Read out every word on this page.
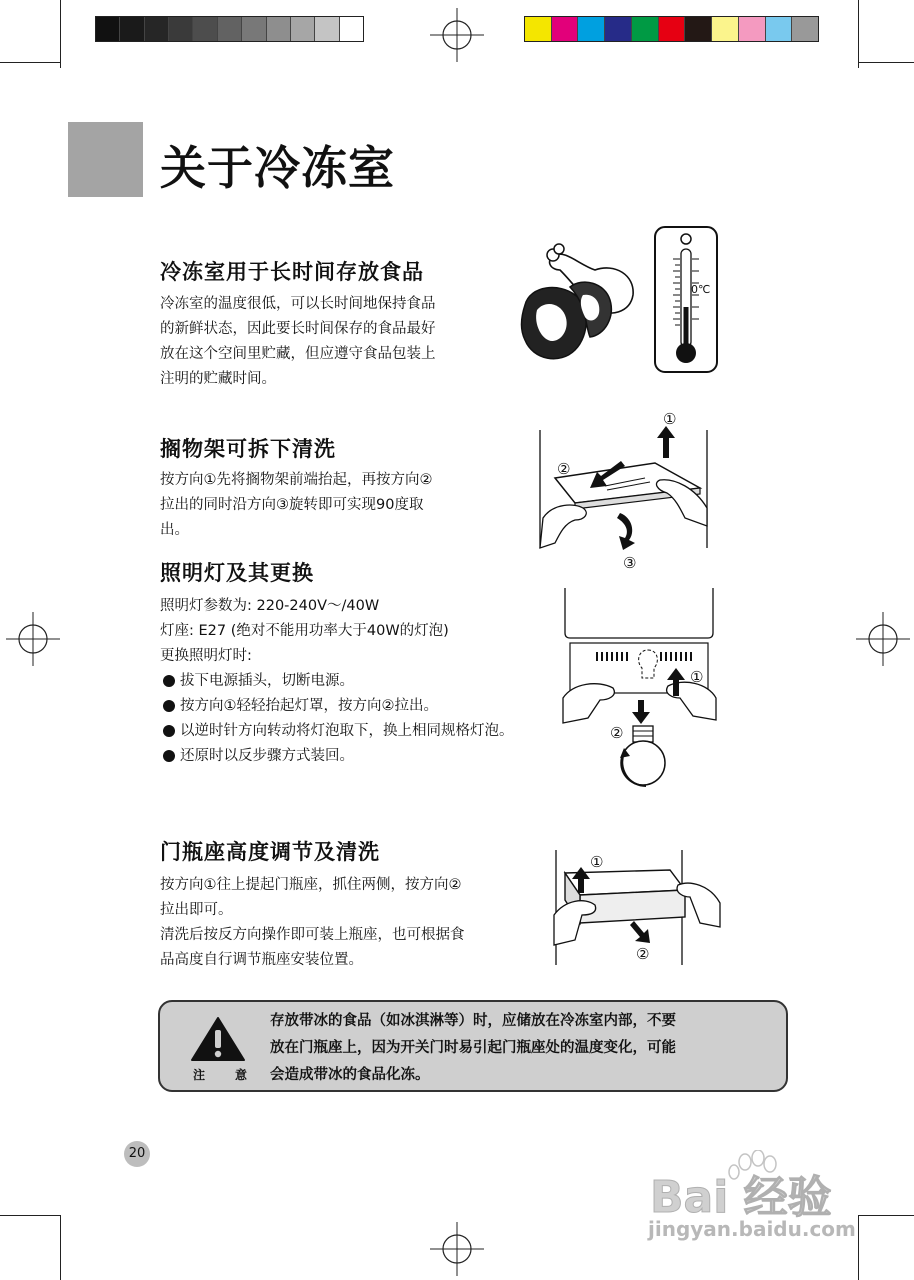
关于冷冻室
冷冻室用于长时间存放食品
冷冻室的温度很低，可以长时间地保持食品
的新鲜状态，因此要长时间保存的食品最好
放在这个空间里贮藏，但应遵守食品包装上
注明的贮藏时间。
0℃
搁物架可拆下清洗
按方向①先将搁物架前端抬起，再按方向②
拉出的同时沿方向③旋转即可实现90度取
出。
①
②
③
照明灯及其更换
照明灯参数为: 220-240V～/40W
灯座: E27 (绝对不能用功率大于40W的灯泡)
更换照明灯时:
拔下电源插头，切断电源。
按方向①轻轻抬起灯罩，按方向②拉出。
以逆时针方向转动将灯泡取下，换上相同规格灯泡。
还原时以反步骤方式装回。
①
②
门瓶座高度调节及清洗
按方向①往上提起门瓶座，抓住两侧，按方向②
拉出即可。
清洗后按反方向操作即可装上瓶座，也可根据食
品高度自行调节瓶座安装位置。
①
②
注 意
存放带冰的食品（如冰淇淋等）时，应储放在冷冻室内部，不要
放在门瓶座上，因为开关门时易引起门瓶座处的温度变化，可能
会造成带冰的食品化冻。
20
Bai 经验
jingyan.baidu.com
